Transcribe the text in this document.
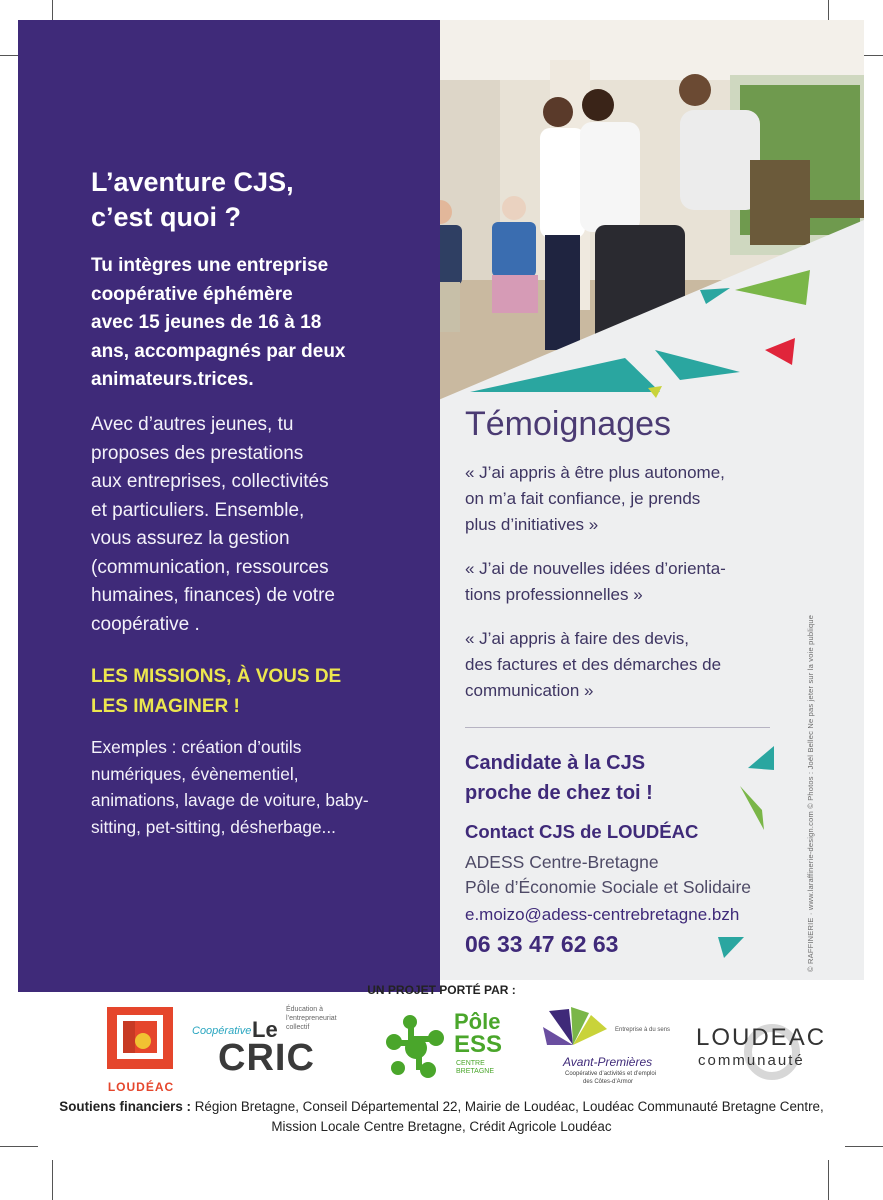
L’aventure CJS,
c’est quoi ?
Tu intègres une entreprise
coopérative éphémère
avec 15 jeunes de 16 à 18
ans, accompagnés par deux
animateurs.trices.
Avec d’autres jeunes, tu
proposes des prestations
aux entreprises, collectivités
et particuliers. Ensemble,
vous assurez la gestion
(communication, ressources
humaines, finances) de votre
coopérative .
LES MISSIONS, À VOUS DE
LES IMAGINER !
Exemples : création d’outils
numériques, évènementiel,
animations, lavage de voiture, baby-
sitting, pet-sitting, désherbage...
Témoignages
« J’ai appris à être plus autonome,
on m’a fait confiance, je prends
plus d’initiatives »
« J’ai de nouvelles idées d’orienta-
tions professionnelles »
« J’ai appris à faire des devis,
des factures et des démarches de
communication »
Candidate à la CJS
proche de chez toi !
Contact CJS de LOUDÉAC
ADESS Centre-Bretagne
Pôle d’Économie Sociale et Solidaire
e.moizo@adess-centrebretagne.bzh
06 33 47 62 63	© RAFFINERIE · www.laraffinerie-design.com © Photos : Joël Bellec Ne pas jeter sur la voie publique
UN PROJET PORTÉ PAR :
LOUDÉAC
Coopérative Le
Éducation à l’entrepreneuriat collectif
CRIC
Pôle
ESS
CENTRE
BRETAGNE
Entreprise à du sens
Avant-Premières
Coopérative d’activités et d’emploi
des Côtes-d’Armor
LOUDEAC
communauté
Soutiens financiers : Région Bretagne, Conseil Départemental 22, Mairie de Loudéac, Loudéac Communauté Bretagne Centre,
Mission Locale Centre Bretagne, Crédit Agricole Loudéac
